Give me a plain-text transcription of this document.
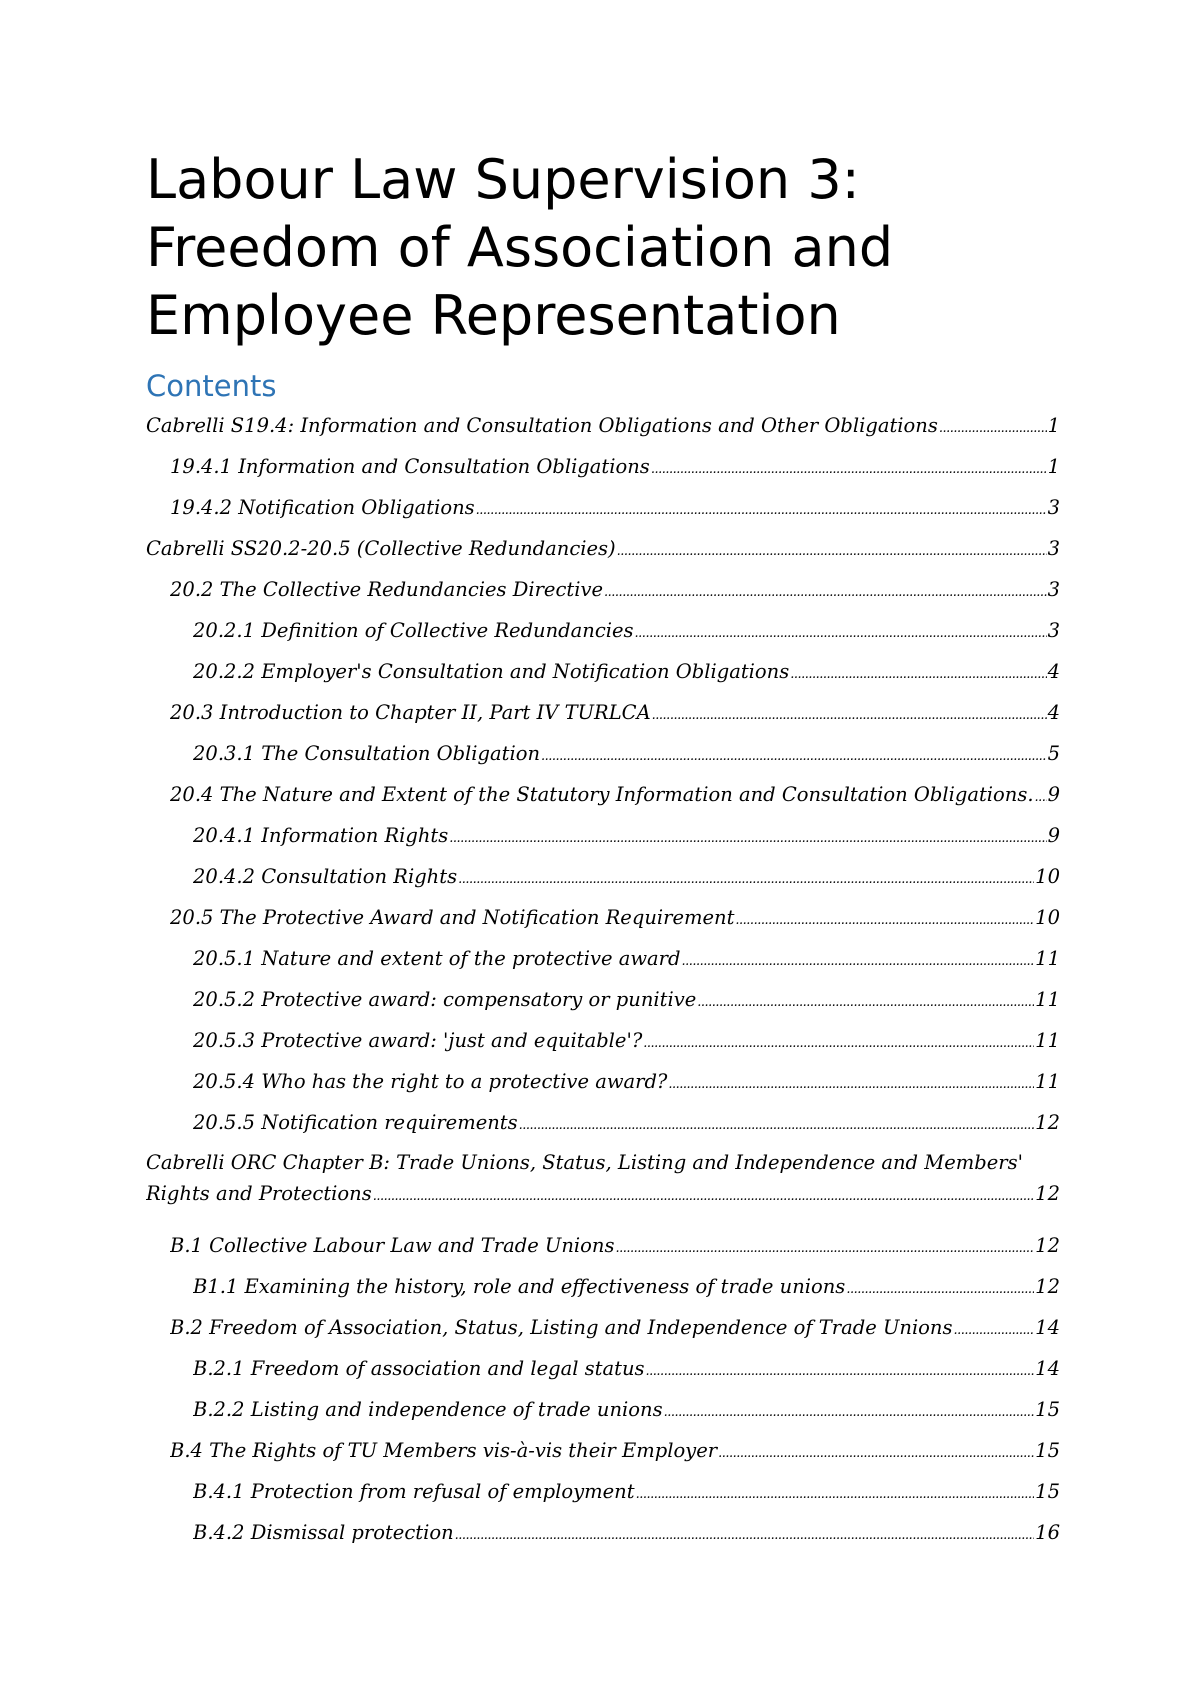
Labour Law Supervision 3:
Freedom of Association and
Employee Representation
Contents
Cabrelli S19.4: Information and Consultation Obligations and Other Obligations .....	1
19.4.1 Information and Consultation Obligations .....	1
19.4.2 Notification Obligations .....	3
Cabrelli SS20.2-20.5 (Collective Redundancies) .....	3
20.2 The Collective Redundancies Directive .....	3
20.2.1 Definition of Collective Redundancies .....	3
20.2.2 Employer's Consultation and Notification Obligations .....	4
20.3 Introduction to Chapter II, Part IV TURLCA .....	4
20.3.1 The Consultation Obligation .....	5
20.4 The Nature and Extent of the Statutory Information and Consultation Obligations. ..... 9
20.4.1 Information Rights .....	9
20.4.2 Consultation Rights .....	10
20.5 The Protective Award and Notification Requirement .....	10
20.5.1 Nature and extent of the protective award .....	11
20.5.2 Protective award: compensatory or punitive .....	11
20.5.3 Protective award: 'just and equitable'? .....	11
20.5.4 Who has the right to a protective award? .....	11
20.5.5 Notification requirements .....	12
Cabrelli ORC Chapter B: Trade Unions, Status, Listing and Independence and Members'
Rights and Protections .....	12
B.1 Collective Labour Law and Trade Unions .....	12
B1.1 Examining the history, role and effectiveness of trade unions .....	12
B.2 Freedom of Association, Status, Listing and Independence of Trade Unions .....	14
B.2.1 Freedom of association and legal status .....	14
B.2.2 Listing and independence of trade unions .....	15
B.4 The Rights of TU Members vis-à-vis their Employer .....	15
B.4.1 Protection from refusal of employment .....	15
B.4.2 Dismissal protection .....	16
